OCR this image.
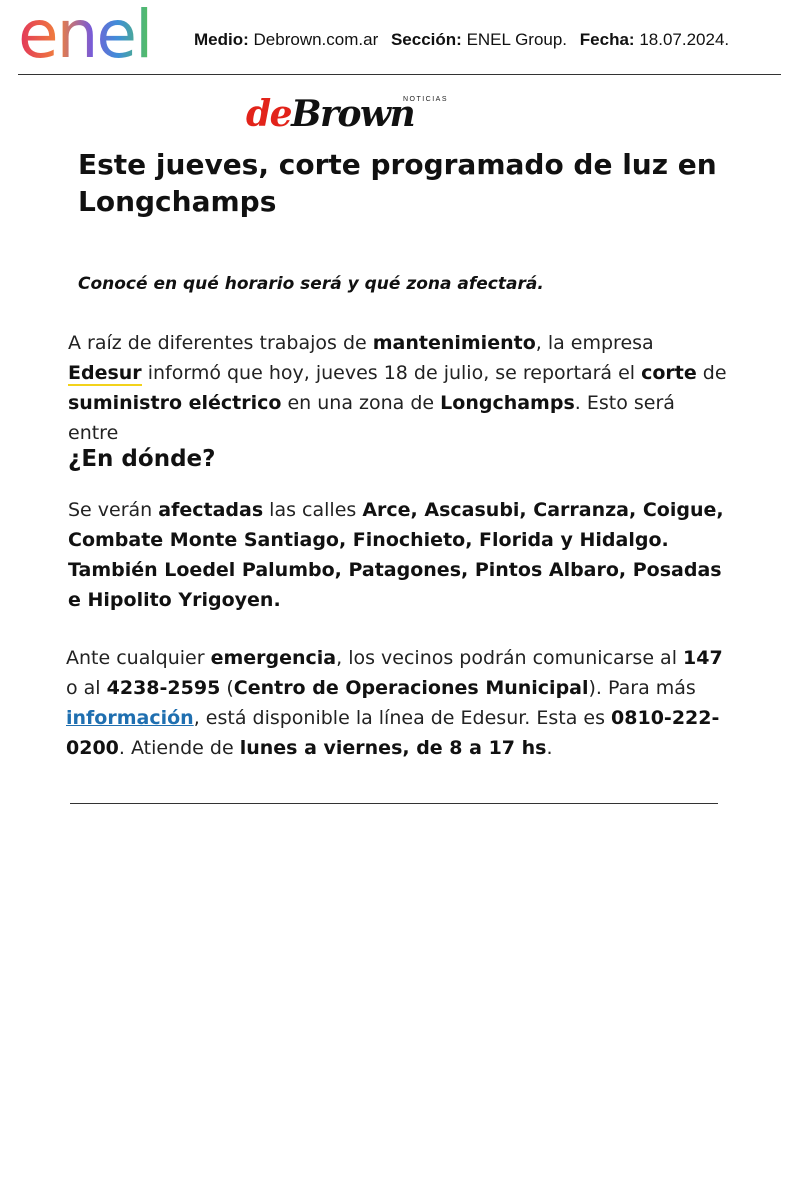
enel	Medio: Debrown.com.ar Sección: ENEL Group. Fecha: 18.07.2024.
NOTICIAS
deBrown
Este jueves, corte programado de luz en Longchamps

Conocé en qué horario será y qué zona afectará.

A raíz de diferentes trabajos de mantenimiento, la empresa Edesur informó que hoy, jueves 18 de julio, se reportará el corte de suministro eléctrico en una zona de Longchamps. Esto será entre

¿En dónde?

Se verán afectadas las calles Arce, Ascasubi, Carranza, Coigue, Combate Monte Santiago, Finochieto, Florida y Hidalgo. También Loedel Palumbo, Patagones, Pintos Albaro, Posadas e Hipolito Yrigoyen.

Ante cualquier emergencia, los vecinos podrán comunicarse al 147 o al 4238-2595 (Centro de Operaciones Municipal). Para más información, está disponible la línea de Edesur. Esta es 0810-222-0200. Atiende de lunes a viernes, de 8 a 17 hs.
